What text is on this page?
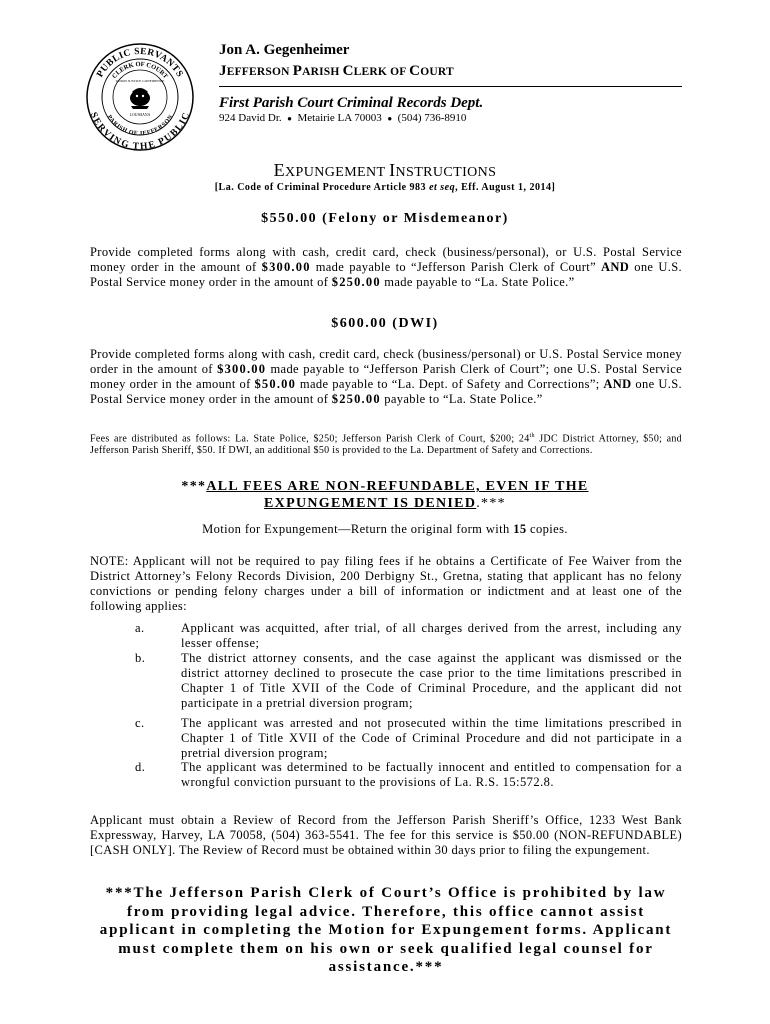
PUBLIC SERVANTS
SERVING THE PUBLIC
CLERK OF COURT
PARISH OF JEFFERSON
UNION JUSTICE CONFIDENCE
LOUISIANA
Jon A. Gegenheimer
JEFFERSON PARISH CLERK OF COURT
First Parish Court Criminal Records Dept.
924 David Dr. ● Metairie LA 70003 ● (504) 736-8910
EXPUNGEMENT INSTRUCTIONS
[La. Code of Criminal Procedure Article 983 et seq, Eff. August 1, 2014]
$550.00 (Felony or Misdemeanor)
Provide completed forms along with cash, credit card, check (business/personal), or U.S. Postal Service money order in the amount of $300.00 made payable to “Jefferson Parish Clerk of Court” AND one U.S. Postal Service money order in the amount of $250.00 made payable to “La. State Police.”
$600.00 (DWI)
Provide completed forms along with cash, credit card, check (business/personal) or U.S. Postal Service money order in the amount of $300.00 made payable to “Jefferson Parish Clerk of Court”; one U.S. Postal Service money order in the amount of $50.00 made payable to “La. Dept. of Safety and Corrections”; AND one U.S. Postal Service money order in the amount of $250.00 payable to “La. State Police.”
Fees are distributed as follows: La. State Police, $250; Jefferson Parish Clerk of Court, $200; 24th JDC District Attorney, $50; and Jefferson Parish Sheriff, $50. If DWI, an additional $50 is provided to the La. Department of Safety and Corrections.
***ALL FEES ARE NON-REFUNDABLE, EVEN IF THE
EXPUNGEMENT IS DENIED.***
Motion for Expungement—Return the original form with 15 copies.
NOTE: Applicant will not be required to pay filing fees if he obtains a Certificate of Fee Waiver from the District Attorney’s Felony Records Division, 200 Derbigny St., Gretna, stating that applicant has no felony convictions or pending felony charges under a bill of information or indictment and at least one of the following applies:
a.	Applicant was acquitted, after trial, of all charges derived from the arrest, including any lesser offense;
b.	The district attorney consents, and the case against the applicant was dismissed or the district attorney declined to prosecute the case prior to the time limitations prescribed in Chapter 1 of Title XVII of the Code of Criminal Procedure, and the applicant did not participate in a pretrial diversion program;
c.	The applicant was arrested and not prosecuted within the time limitations prescribed in Chapter 1 of Title XVII of the Code of Criminal Procedure and did not participate in a pretrial diversion program;
d.	The applicant was determined to be factually innocent and entitled to compensation for a wrongful conviction pursuant to the provisions of La. R.S. 15:572.8.
Applicant must obtain a Review of Record from the Jefferson Parish Sheriff’s Office, 1233 West Bank Expressway, Harvey, LA 70058, (504) 363-5541. The fee for this service is $50.00 (NON-REFUNDABLE)[CASH ONLY]. The Review of Record must be obtained within 30 days prior to filing the expungement.
***The Jefferson Parish Clerk of Court’s Office is prohibited by law from providing legal advice. Therefore, this office cannot assist applicant in completing the Motion for Expungement forms. Applicant must complete them on his own or seek qualified legal counsel for assistance.***
